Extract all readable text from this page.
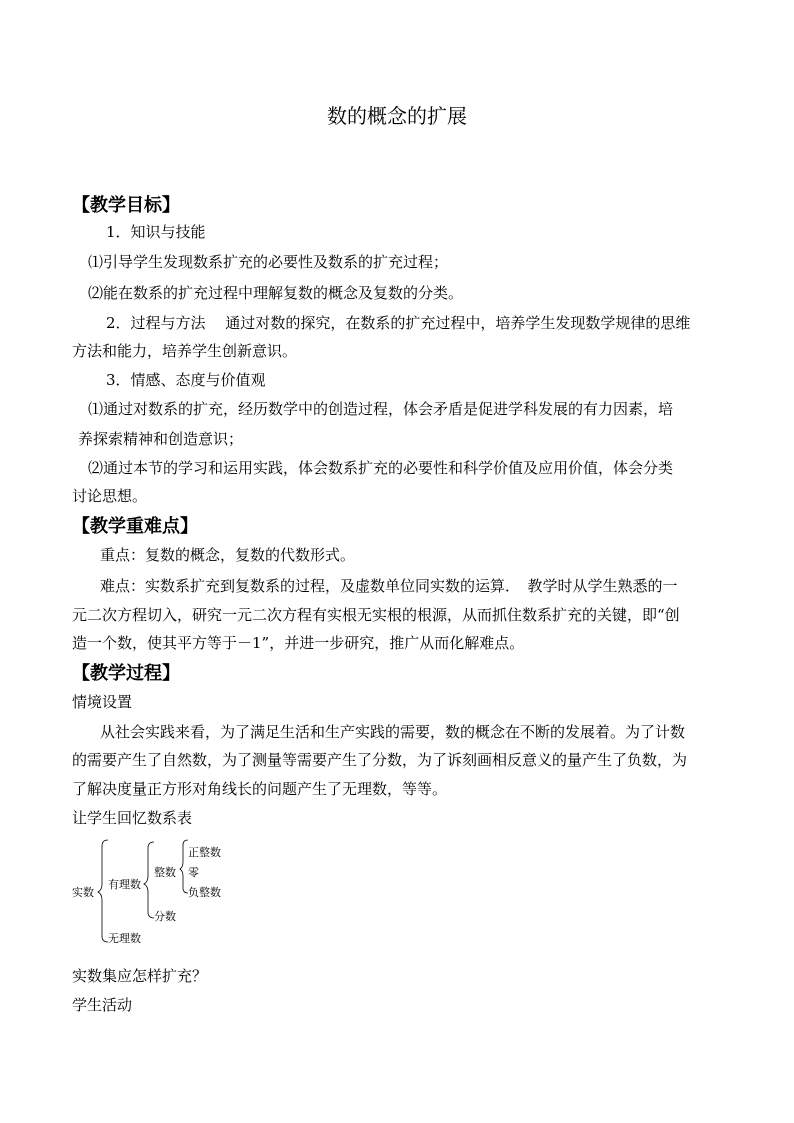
数的概念的扩展
【教学目标】
1．知识与技能
⑴引导学生发现数系扩充的必要性及数系的扩充过程；
⑵能在数系的扩充过程中理解复数的概念及复数的分类。
2．过程与方法　 通过对数的探究，在数系的扩充过程中，培养学生发现数学规律的思维
方法和能力，培养学生创新意识。
3．情感、态度与价值观
⑴通过对数系的扩充，经历数学中的创造过程，体会矛盾是促进学科发展的有力因素，培
养探索精神和创造意识；
⑵通过本节的学习和运用实践，体会数系扩充的必要性和科学价值及应用价值，体会分类
讨论思想。
【教学重难点】
重点：复数的概念，复数的代数形式。
难点：实数系扩充到复数系的过程，及虚数单位同实数的运算．　教学时从学生熟悉的一
元二次方程切入，研究一元二次方程有实根无实根的根源，从而抓住数系扩充的关键，即“创
造一个数，使其平方等于－1”，并进一步研究，推广从而化解难点。
【教学过程】
情境设置
从社会实践来看，为了满足生活和生产实践的需要，数的概念在不断的发展着。为了计数
的需要产生了自然数，为了测量等需要产生了分数，为了诉刻画相反意义的量产生了负数，为
了解决度量正方形对角线长的问题产生了无理数，等等。
让学生回忆数系表
实数
有理数
无理数
整数
分数
正整数
零
负整数
实数集应怎样扩充？
学生活动
